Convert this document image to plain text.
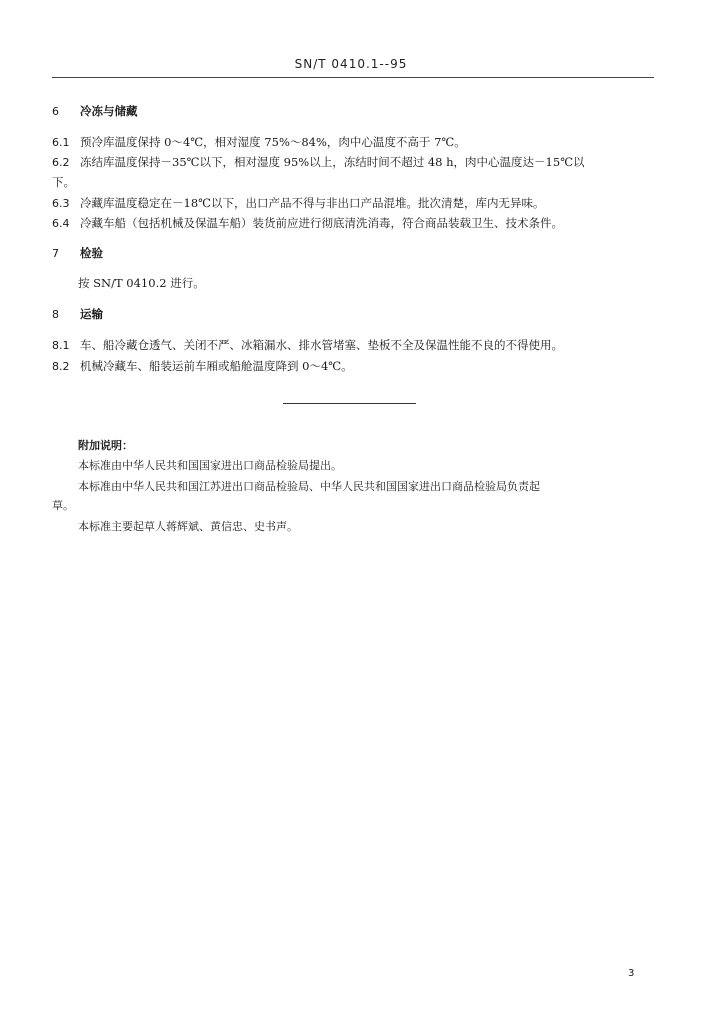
SN/T 0410.1--95
6 冷冻与储藏
6.1 预冷库温度保持 0～4℃，相对湿度 75%～84%，肉中心温度不高于 7℃。
6.2 冻结库温度保持－35℃以下，相对湿度 95%以上，冻结时间不超过 48 h，肉中心温度达－15℃以
下。
6.3 冷藏库温度稳定在－18℃以下，出口产品不得与非出口产品混堆。批次清楚，库内无异味。
6.4 冷藏车船（包括机械及保温车船）装货前应进行彻底清洗消毒，符合商品装载卫生、技术条件。
7 检验
按 SN/T 0410.2 进行。
8 运输
8.1 车、船冷藏仓透气、关闭不严、冰箱漏水、排水管堵塞、垫板不全及保温性能不良的不得使用。
8.2 机械冷藏车、船装运前车厢或船舱温度降到 0～4℃。
附加说明：
本标准由中华人民共和国国家进出口商品检验局提出。
本标准由中华人民共和国江苏进出口商品检验局、中华人民共和国国家进出口商品检验局负责起
草。
本标准主要起草人蒋辉斌、黄信忠、史书声。
3
